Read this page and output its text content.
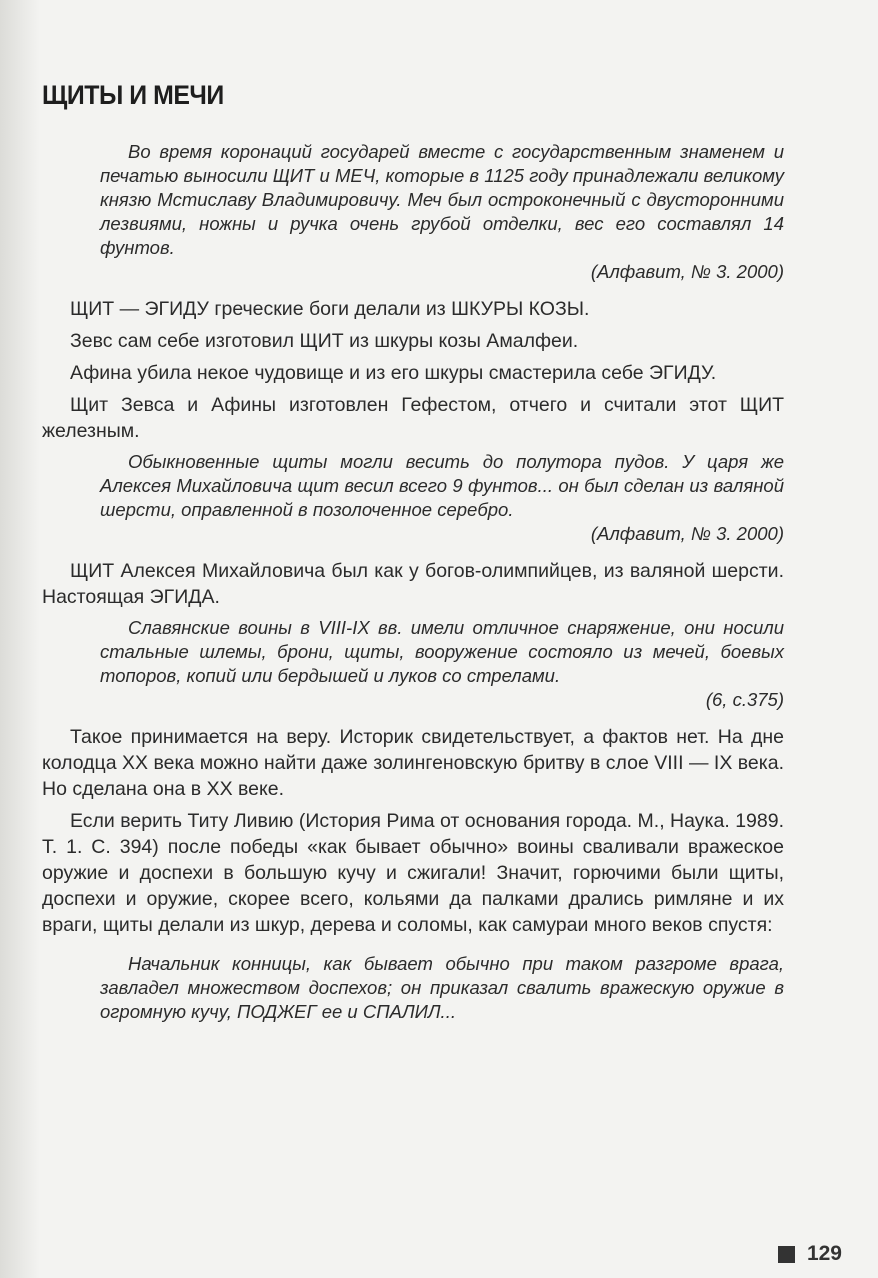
ЩИТЫ И МЕЧИ

Во время коронаций государей вместе с государственным знаменем и печатью выносили ЩИТ и МЕЧ, которые в 1125 году принадлежали великому князю Мстиславу Владимировичу. Меч был остроконечный с двусторонними лезвиями, ножны и ручка очень грубой отделки, вес его составлял 14 фунтов.

(Алфавит, № 3. 2000)

ЩИТ — ЭГИДУ греческие боги делали из ШКУРЫ КОЗЫ.

Зевс сам себе изготовил ЩИТ из шкуры козы Амалфеи.

Афина убила некое чудовище и из его шкуры смастерила себе ЭГИДУ.

Щит Зевса и Афины изготовлен Гефестом, отчего и считали этот ЩИТ железным.

Обыкновенные щиты могли весить до полутора пудов. У царя же Алексея Михайловича щит весил всего 9 фунтов... он был сделан из валяной шерсти, оправленной в позолоченное серебро.

(Алфавит, № 3. 2000)

ЩИТ Алексея Михайловича был как у богов-олимпийцев, из валяной шерсти. Настоящая ЭГИДА.

Славянские воины в VIII-IX вв. имели отличное снаряжение, они носили стальные шлемы, брони, щиты, вооружение состояло из мечей, боевых топоров, копий или бердышей и луков со стрелами.

(6, с.375)

Такое принимается на веру. Историк свидетельствует, а фактов нет. На дне колодца XX века можно найти даже золингеновскую бритву в слое VIII — IX века. Но сделана она в XX веке.

Если верить Титу Ливию (История Рима от основания города. М., Наука. 1989. Т. 1. С. 394) после победы «как бывает обычно» воины сваливали вражеское оружие и доспехи в большую кучу и сжигали! Значит, горючими были щиты, доспехи и оружие, скорее всего, кольями да палками дрались римляне и их враги, щиты делали из шкур, дерева и соломы, как самураи много веков спустя:

Начальник конницы, как бывает обычно при таком разгроме врага, завладел множеством доспехов; он приказал свалить вражескую оружие в огромную кучу, ПОДЖЕГ ее и СПАЛИЛ...

129
